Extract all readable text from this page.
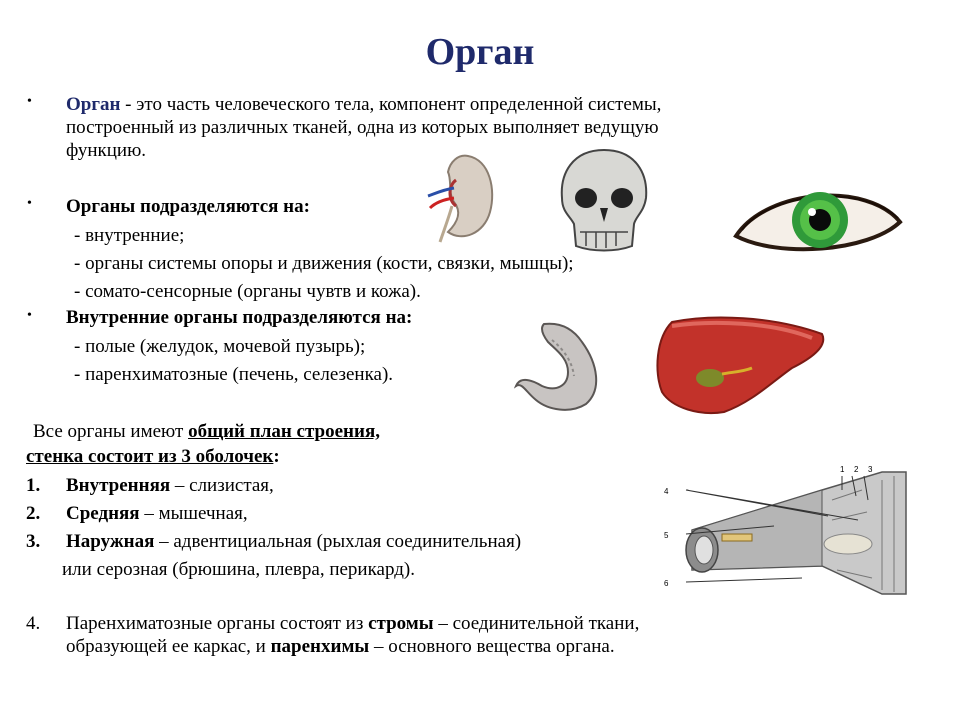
Орган
• Орган - это часть человеческого тела, компонент определенной системы,
построенный из различных тканей, одна из которых выполняет ведущую
функцию.
• Органы подразделяются на:
- внутренние;
- органы системы опоры и движения (кости, связки, мышцы);
- сомато-сенсорные (органы чувтв и кожа).
• Внутренние органы подразделяются на:
- полые (желудок, мочевой пузырь);
- паренхиматозные (печень, селезенка).
Все органы имеют общий план строения,
стенка состоит из 3 оболочек:
1. Внутренняя – слизистая,
2. Средняя – мышечная,
3. Наружная – адвентициальная (рыхлая соединительная)
или серозная (брюшина, плевра, перикард).
4. Паренхиматозные органы состоят из стромы – соединительной ткани,
образующей ее каркас, и паренхимы – основного вещества органа.
1 2 3
4
5
6
